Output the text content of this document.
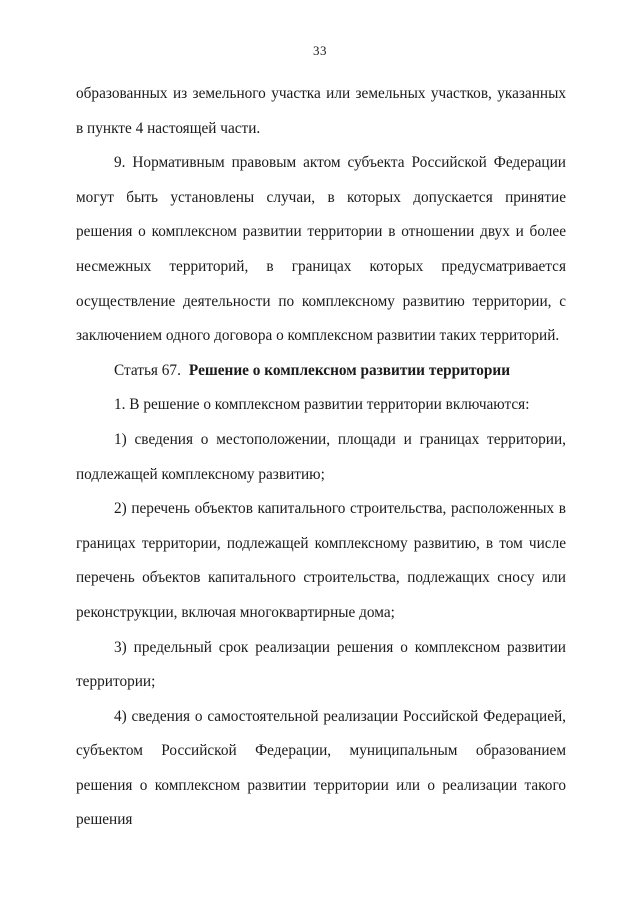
33

образованных из земельного участка или земельных участков, указанных в пункте 4 настоящей части.

9. Нормативным правовым актом субъекта Российской Федерации могут быть установлены случаи, в которых допускается принятие решения о комплексном развитии территории в отношении двух и более несмежных территорий, в границах которых предусматривается осуществление деятельности по комплексному развитию территории, с заключением одного договора о комплексном развитии таких территорий.

Статья 67. Решение о комплексном развитии территории

1. В решение о комплексном развитии территории включаются:

1) сведения о местоположении, площади и границах территории, подлежащей комплексному развитию;

2) перечень объектов капитального строительства, расположенных в границах территории, подлежащей комплексному развитию, в том числе перечень объектов капитального строительства, подлежащих сносу или реконструкции, включая многоквартирные дома;

3) предельный срок реализации решения о комплексном развитии территории;

4) сведения о самостоятельной реализации Российской Федерацией, субъектом Российской Федерации, муниципальным образованием решения о комплексном развитии территории или о реализации такого решения
